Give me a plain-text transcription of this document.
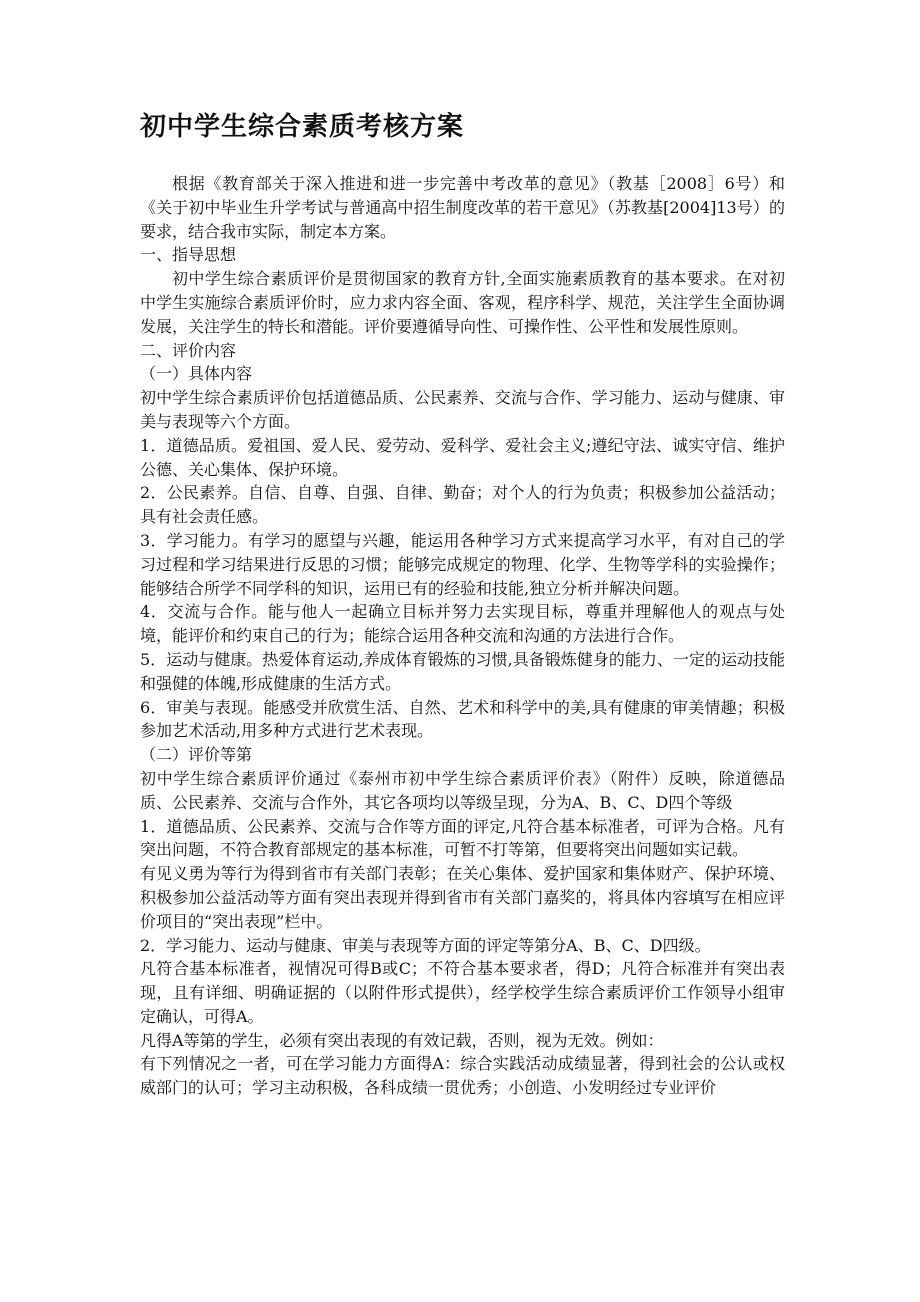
初中学生综合素质考核方案

根据《教育部关于深入推进和进一步完善中考改革的意见》（教基［2008］6号）和《关于初中毕业生升学考试与普通高中招生制度改革的若干意见》（苏教基[2004]13号）的要求，结合我市实际，制定本方案。

一、指导思想

初中学生综合素质评价是贯彻国家的教育方针,全面实施素质教育的基本要求。在对初中学生实施综合素质评价时，应力求内容全面、客观，程序科学、规范，关注学生全面协调发展，关注学生的特长和潜能。评价要遵循导向性、可操作性、公平性和发展性原则。

二、评价内容

（一）具体内容

初中学生综合素质评价包括道德品质、公民素养、交流与合作、学习能力、运动与健康、审美与表现等六个方面。

1．道德品质。爱祖国、爱人民、爱劳动、爱科学、爱社会主义;遵纪守法、诚实守信、维护公德、关心集体、保护环境。

2．公民素养。自信、自尊、自强、自律、勤奋；对个人的行为负责；积极参加公益活动；具有社会责任感。

3．学习能力。有学习的愿望与兴趣，能运用各种学习方式来提高学习水平，有对自己的学习过程和学习结果进行反思的习惯；能够完成规定的物理、化学、生物等学科的实验操作；能够结合所学不同学科的知识，运用已有的经验和技能,独立分析并解决问题。

4．交流与合作。能与他人一起确立目标并努力去实现目标，尊重并理解他人的观点与处境，能评价和约束自己的行为；能综合运用各种交流和沟通的方法进行合作。

5．运动与健康。热爱体育运动,养成体育锻炼的习惯,具备锻炼健身的能力、一定的运动技能和强健的体魄,形成健康的生活方式。

6．审美与表现。能感受并欣赏生活、自然、艺术和科学中的美,具有健康的审美情趣；积极参加艺术活动,用多种方式进行艺术表现。

（二）评价等第

初中学生综合素质评价通过《泰州市初中学生综合素质评价表》（附件）反映，除道德品质、公民素养、交流与合作外，其它各项均以等级呈现，分为A、B、C、D四个等级

1．道德品质、公民素养、交流与合作等方面的评定,凡符合基本标准者，可评为合格。凡有突出问题，不符合教育部规定的基本标准，可暂不打等第，但要将突出问题如实记载。

有见义勇为等行为得到省市有关部门表彰；在关心集体、爱护国家和集体财产、保护环境、积极参加公益活动等方面有突出表现并得到省市有关部门嘉奖的，将具体内容填写在相应评价项目的“突出表现”栏中。

2．学习能力、运动与健康、审美与表现等方面的评定等第分A、B、C、D四级。

凡符合基本标准者，视情况可得B或C；不符合基本要求者，得D；凡符合标准并有突出表现，且有详细、明确证据的（以附件形式提供），经学校学生综合素质评价工作领导小组审定确认，可得A。

凡得A等第的学生，必须有突出表现的有效记载，否则，视为无效。例如：

有下列情况之一者，可在学习能力方面得A：综合实践活动成绩显著，得到社会的公认或权威部门的认可；学习主动积极，各科成绩一贯优秀；小创造、小发明经过专业评价
